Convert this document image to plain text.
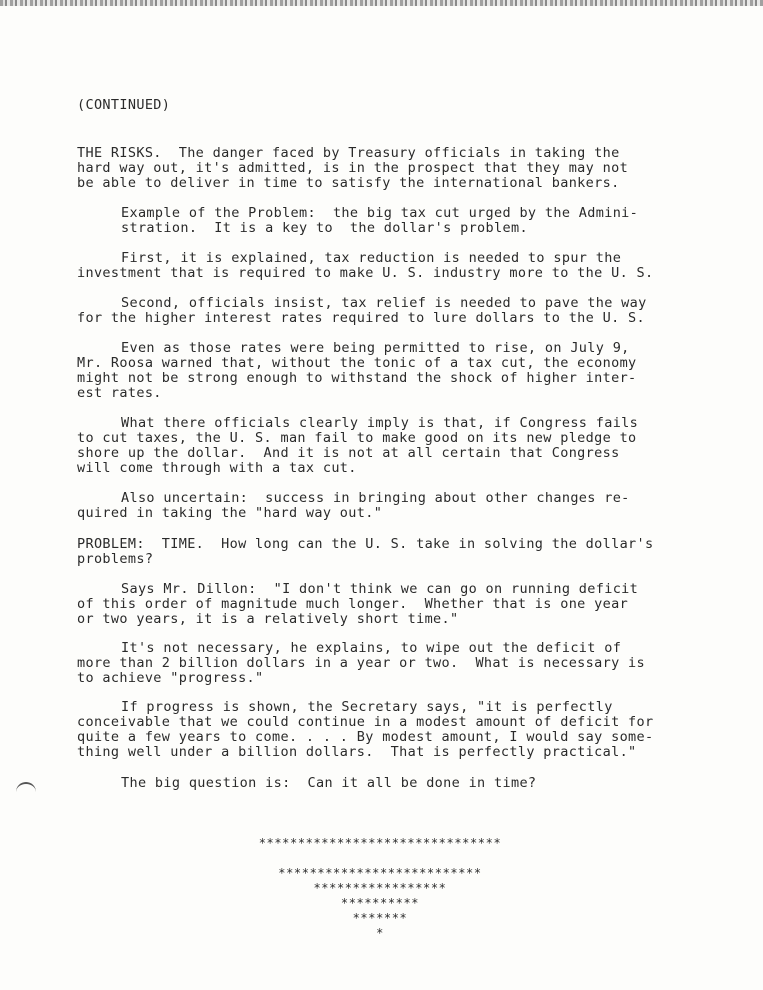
(CONTINUED)
THE RISKS.  The danger faced by Treasury officials in taking the
hard way out, it's admitted, is in the prospect that they may not
be able to deliver in time to satisfy the international bankers.
Example of the Problem:  the big tax cut urged by the Admini-
stration.  It is a key to  the dollar's problem.
First, it is explained, tax reduction is needed to spur the
investment that is required to make U. S. industry more to the U. S.
Second, officials insist, tax relief is needed to pave the way
for the higher interest rates required to lure dollars to the U. S.
Even as those rates were being permitted to rise, on July 9,
Mr. Roosa warned that, without the tonic of a tax cut, the economy
might not be strong enough to withstand the shock of higher inter-
est rates.
What there officials clearly imply is that, if Congress fails
to cut taxes, the U. S. man fail to make good on its new pledge to
shore up the dollar.  And it is not at all certain that Congress
will come through with a tax cut.
Also uncertain:  success in bringing about other changes re-
quired in taking the "hard way out."
PROBLEM:  TIME.  How long can the U. S. take in solving the dollar's
problems?
Says Mr. Dillon:  "I don't think we can go on running deficit
of this order of magnitude much longer.  Whether that is one year
or two years, it is a relatively short time."
It's not necessary, he explains, to wipe out the deficit of
more than 2 billion dollars in a year or two.  What is necessary is
to achieve "progress."
If progress is shown, the Secretary says, "it is perfectly
conceivable that we could continue in a modest amount of deficit for
quite a few years to come. . . . By modest amount, I would say some-
thing well under a billion dollars.  That is perfectly practical."
The big question is:  Can it all be done in time?
*******************************
**************************
*****************
**********
*******
*
